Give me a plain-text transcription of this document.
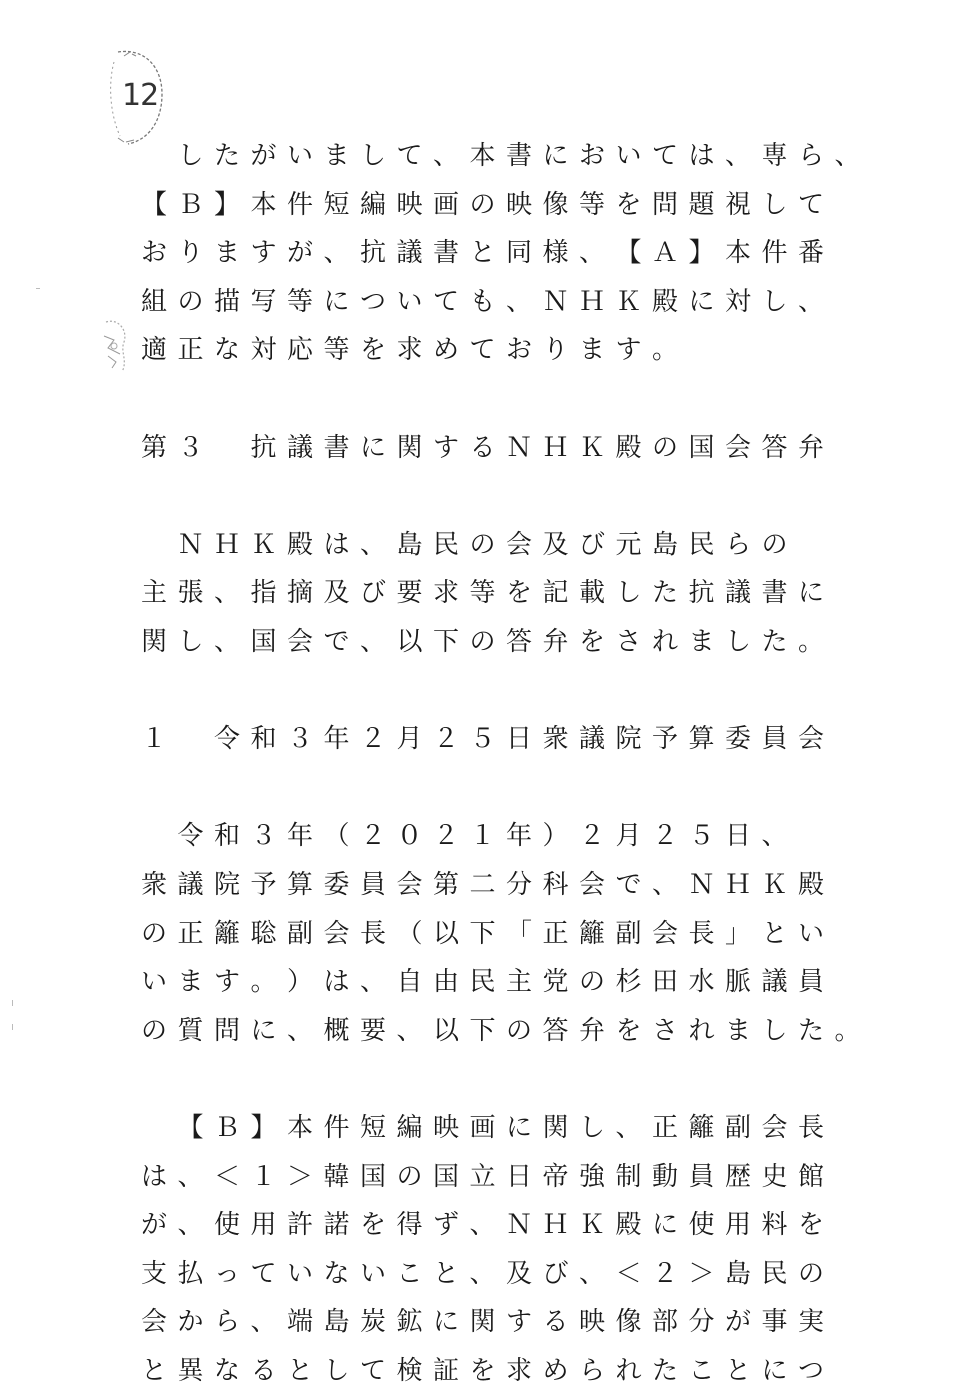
12
し た が い ま し て 、 本 書 に お い て は 、 専 ら 、
【 Ｂ 】 本 件 短 編 映 画 の 映 像 等 を 問 題 視 し て
お り ま す が 、 抗 議 書 と 同 様 、 【 Ａ 】 本 件 番
組 の 描 写 等 に つ い て も 、 Ｎ Ｈ Ｋ 殿 に 対 し 、
適 正 な 対 応 等 を 求 め て お り ま す 。
第 ３
　	抗 議 書 に 関 す る Ｎ Ｈ Ｋ 殿 の 国 会 答 弁
Ｎ Ｈ Ｋ 殿 は 、 島 民 の 会 及 び 元 島 民 ら の
主 張 、 指 摘 及 び 要 求 等 を 記 載 し た 抗 議 書 に
関 し 、 国 会 で 、 以 下 の 答 弁 を さ れ ま し た 。
１
　	令 和 ３ 年 ２ 月 ２ ５ 日 衆 議 院 予 算 委 員 会
令 和 ３ 年 （ ２ ０ ２ １ 年 ） ２ 月 ２ ５ 日 、
衆 議 院 予 算 委 員 会 第 二 分 科 会 で 、 Ｎ Ｈ Ｋ 殿
の 正 籬 聡 副 会 長 （ 以 下 「 正 籬 副 会 長 」 と い
い ま す 。 ） は 、 自 由 民 主 党 の 杉 田 水 脈 議 員
の 質 問 に 、 概 要 、 以 下 の 答 弁 を さ れ ま し た 。
【 Ｂ 】 本 件 短 編 映 画 に 関 し 、 正 籬 副 会 長
は 、 ＜ １ ＞ 韓 国 の 国 立 日 帝 強 制 動 員 歴 史 館
が 、 使 用 許 諾 を 得 ず 、 Ｎ Ｈ Ｋ 殿 に 使 用 料 を
支 払 っ て い な い こ と 、 及 び 、 ＜ ２ ＞ 島 民 の
会 か ら 、 端 島 炭 鉱 に 関 す る 映 像 部 分 が 事 実
と 異 な る と し て 検 証 を 求 め ら れ た こ と に つ
